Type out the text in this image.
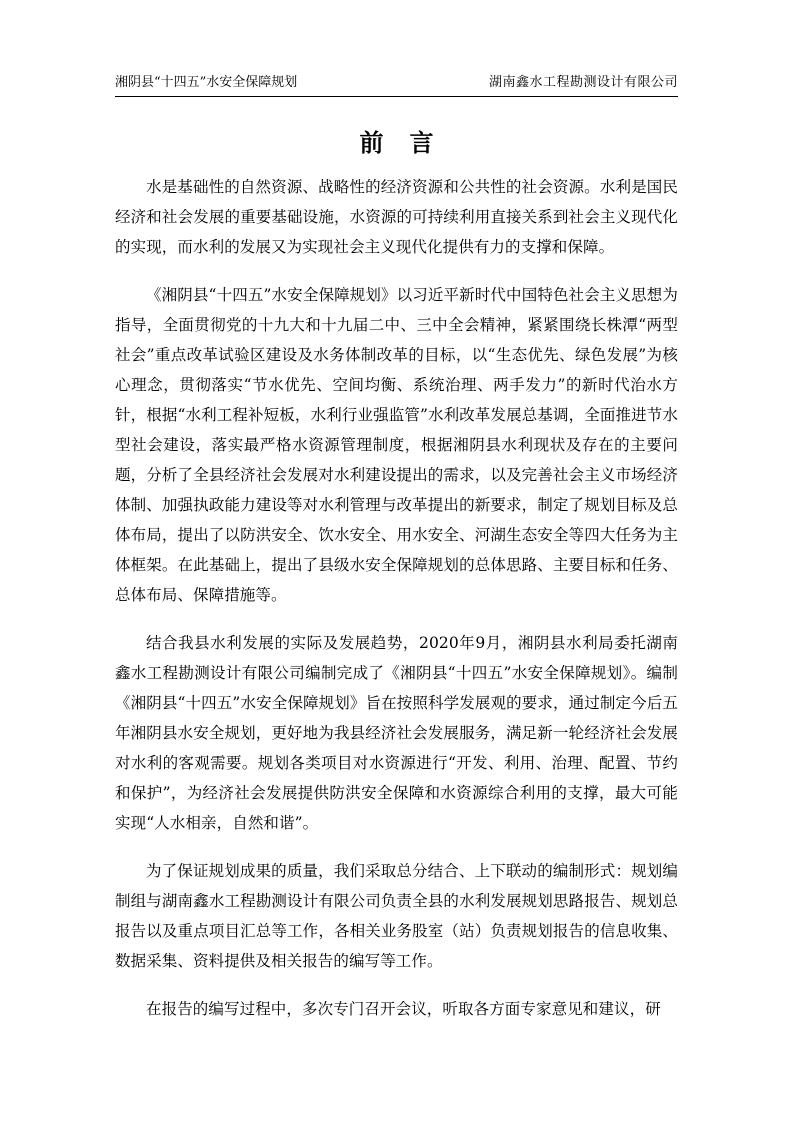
湘阴县“十四五”水安全保障规划	湖南鑫水工程勘测设计有限公司
前言

水是基础性的自然资源、战略性的经济资源和公共性的社会资源。水利是国民经济和社会发展的重要基础设施，水资源的可持续利用直接关系到社会主义现代化的实现，而水利的发展又为实现社会主义现代化提供有力的支撑和保障。

《湘阴县“十四五”水安全保障规划》以习近平新时代中国特色社会主义思想为指导，全面贯彻党的十九大和十九届二中、三中全会精神，紧紧围绕长株潭“两型社会”重点改革试验区建设及水务体制改革的目标，以“生态优先、绿色发展”为核心理念，贯彻落实“节水优先、空间均衡、系统治理、两手发力”的新时代治水方针，根据“水利工程补短板，水利行业强监管”水利改革发展总基调，全面推进节水型社会建设，落实最严格水资源管理制度，根据湘阴县水利现状及存在的主要问题，分析了全县经济社会发展对水利建设提出的需求，以及完善社会主义市场经济体制、加强执政能力建设等对水利管理与改革提出的新要求，制定了规划目标及总体布局，提出了以防洪安全、饮水安全、用水安全、河湖生态安全等四大任务为主体框架。在此基础上，提出了县级水安全保障规划的总体思路、主要目标和任务、总体布局、保障措施等。

结合我县水利发展的实际及发展趋势，2020年9月，湘阴县水利局委托湖南鑫水工程勘测设计有限公司编制完成了《湘阴县“十四五”水安全保障规划》。编制《湘阴县“十四五”水安全保障规划》旨在按照科学发展观的要求，通过制定今后五年湘阴县水安全规划，更好地为我县经济社会发展服务，满足新一轮经济社会发展对水利的客观需要。规划各类项目对水资源进行“开发、利用、治理、配置、节约和保护”，为经济社会发展提供防洪安全保障和水资源综合利用的支撑，最大可能实现“人水相亲，自然和谐”。

为了保证规划成果的质量，我们采取总分结合、上下联动的编制形式：规划编制组与湖南鑫水工程勘测设计有限公司负责全县的水利发展规划思路报告、规划总报告以及重点项目汇总等工作，各相关业务股室（站）负责规划报告的信息收集、数据采集、资料提供及相关报告的编写等工作。

在报告的编写过程中，多次专门召开会议，听取各方面专家意见和建议，研
